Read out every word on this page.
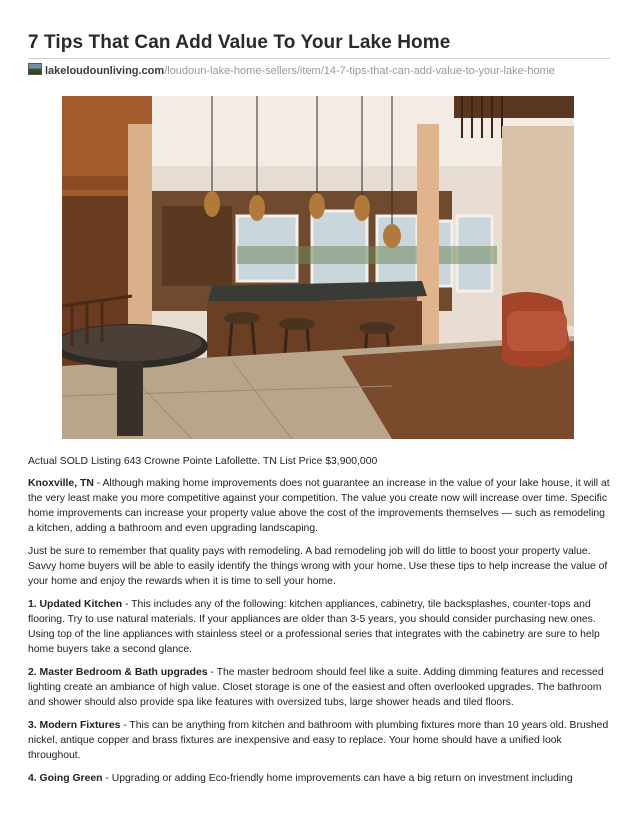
7 Tips That Can Add Value To Your Lake Home
lakeloudounliving.com/loudoun-lake-home-sellers/item/14-7-tips-that-can-add-value-to-your-lake-home

Actual SOLD Listing 643 Crowne Pointe Lafollette. TN List Price $3,900,000

Knoxville, TN - Although making home improvements does not guarantee an increase in the value of your lake house, it will at the very least make you more competitive against your competition. The value you create now will increase over time. Specific home improvements can increase your property value above the cost of the improvements themselves — such as remodeling a kitchen, adding a bathroom and even upgrading landscaping.

Just be sure to remember that quality pays with remodeling. A bad remodeling job will do little to boost your property value. Savvy home buyers will be able to easily identify the things wrong with your home. Use these tips to help increase the value of your home and enjoy the rewards when it is time to sell your home.

1. Updated Kitchen - This includes any of the following: kitchen appliances, cabinetry, tile backsplashes, counter-tops and flooring. Try to use natural materials. If your appliances are older than 3-5 years, you should consider purchasing new ones. Using top of the line appliances with stainless steel or a professional series that integrates with the cabinetry are sure to help home buyers take a second glance.

2. Master Bedroom & Bath upgrades - The master bedroom should feel like a suite. Adding dimming features and recessed lighting create an ambiance of high value. Closet storage is one of the easiest and often overlooked upgrades. The bathroom and shower should also provide spa like features with oversized tubs, large shower heads and tiled floors.

3. Modern Fixtures - This can be anything from kitchen and bathroom with plumbing fixtures more than 10 years old. Brushed nickel, antique copper and brass fixtures are inexpensive and easy to replace. Your home should have a unified look throughout.

4. Going Green - Upgrading or adding Eco-friendly home improvements can have a big return on investment including
